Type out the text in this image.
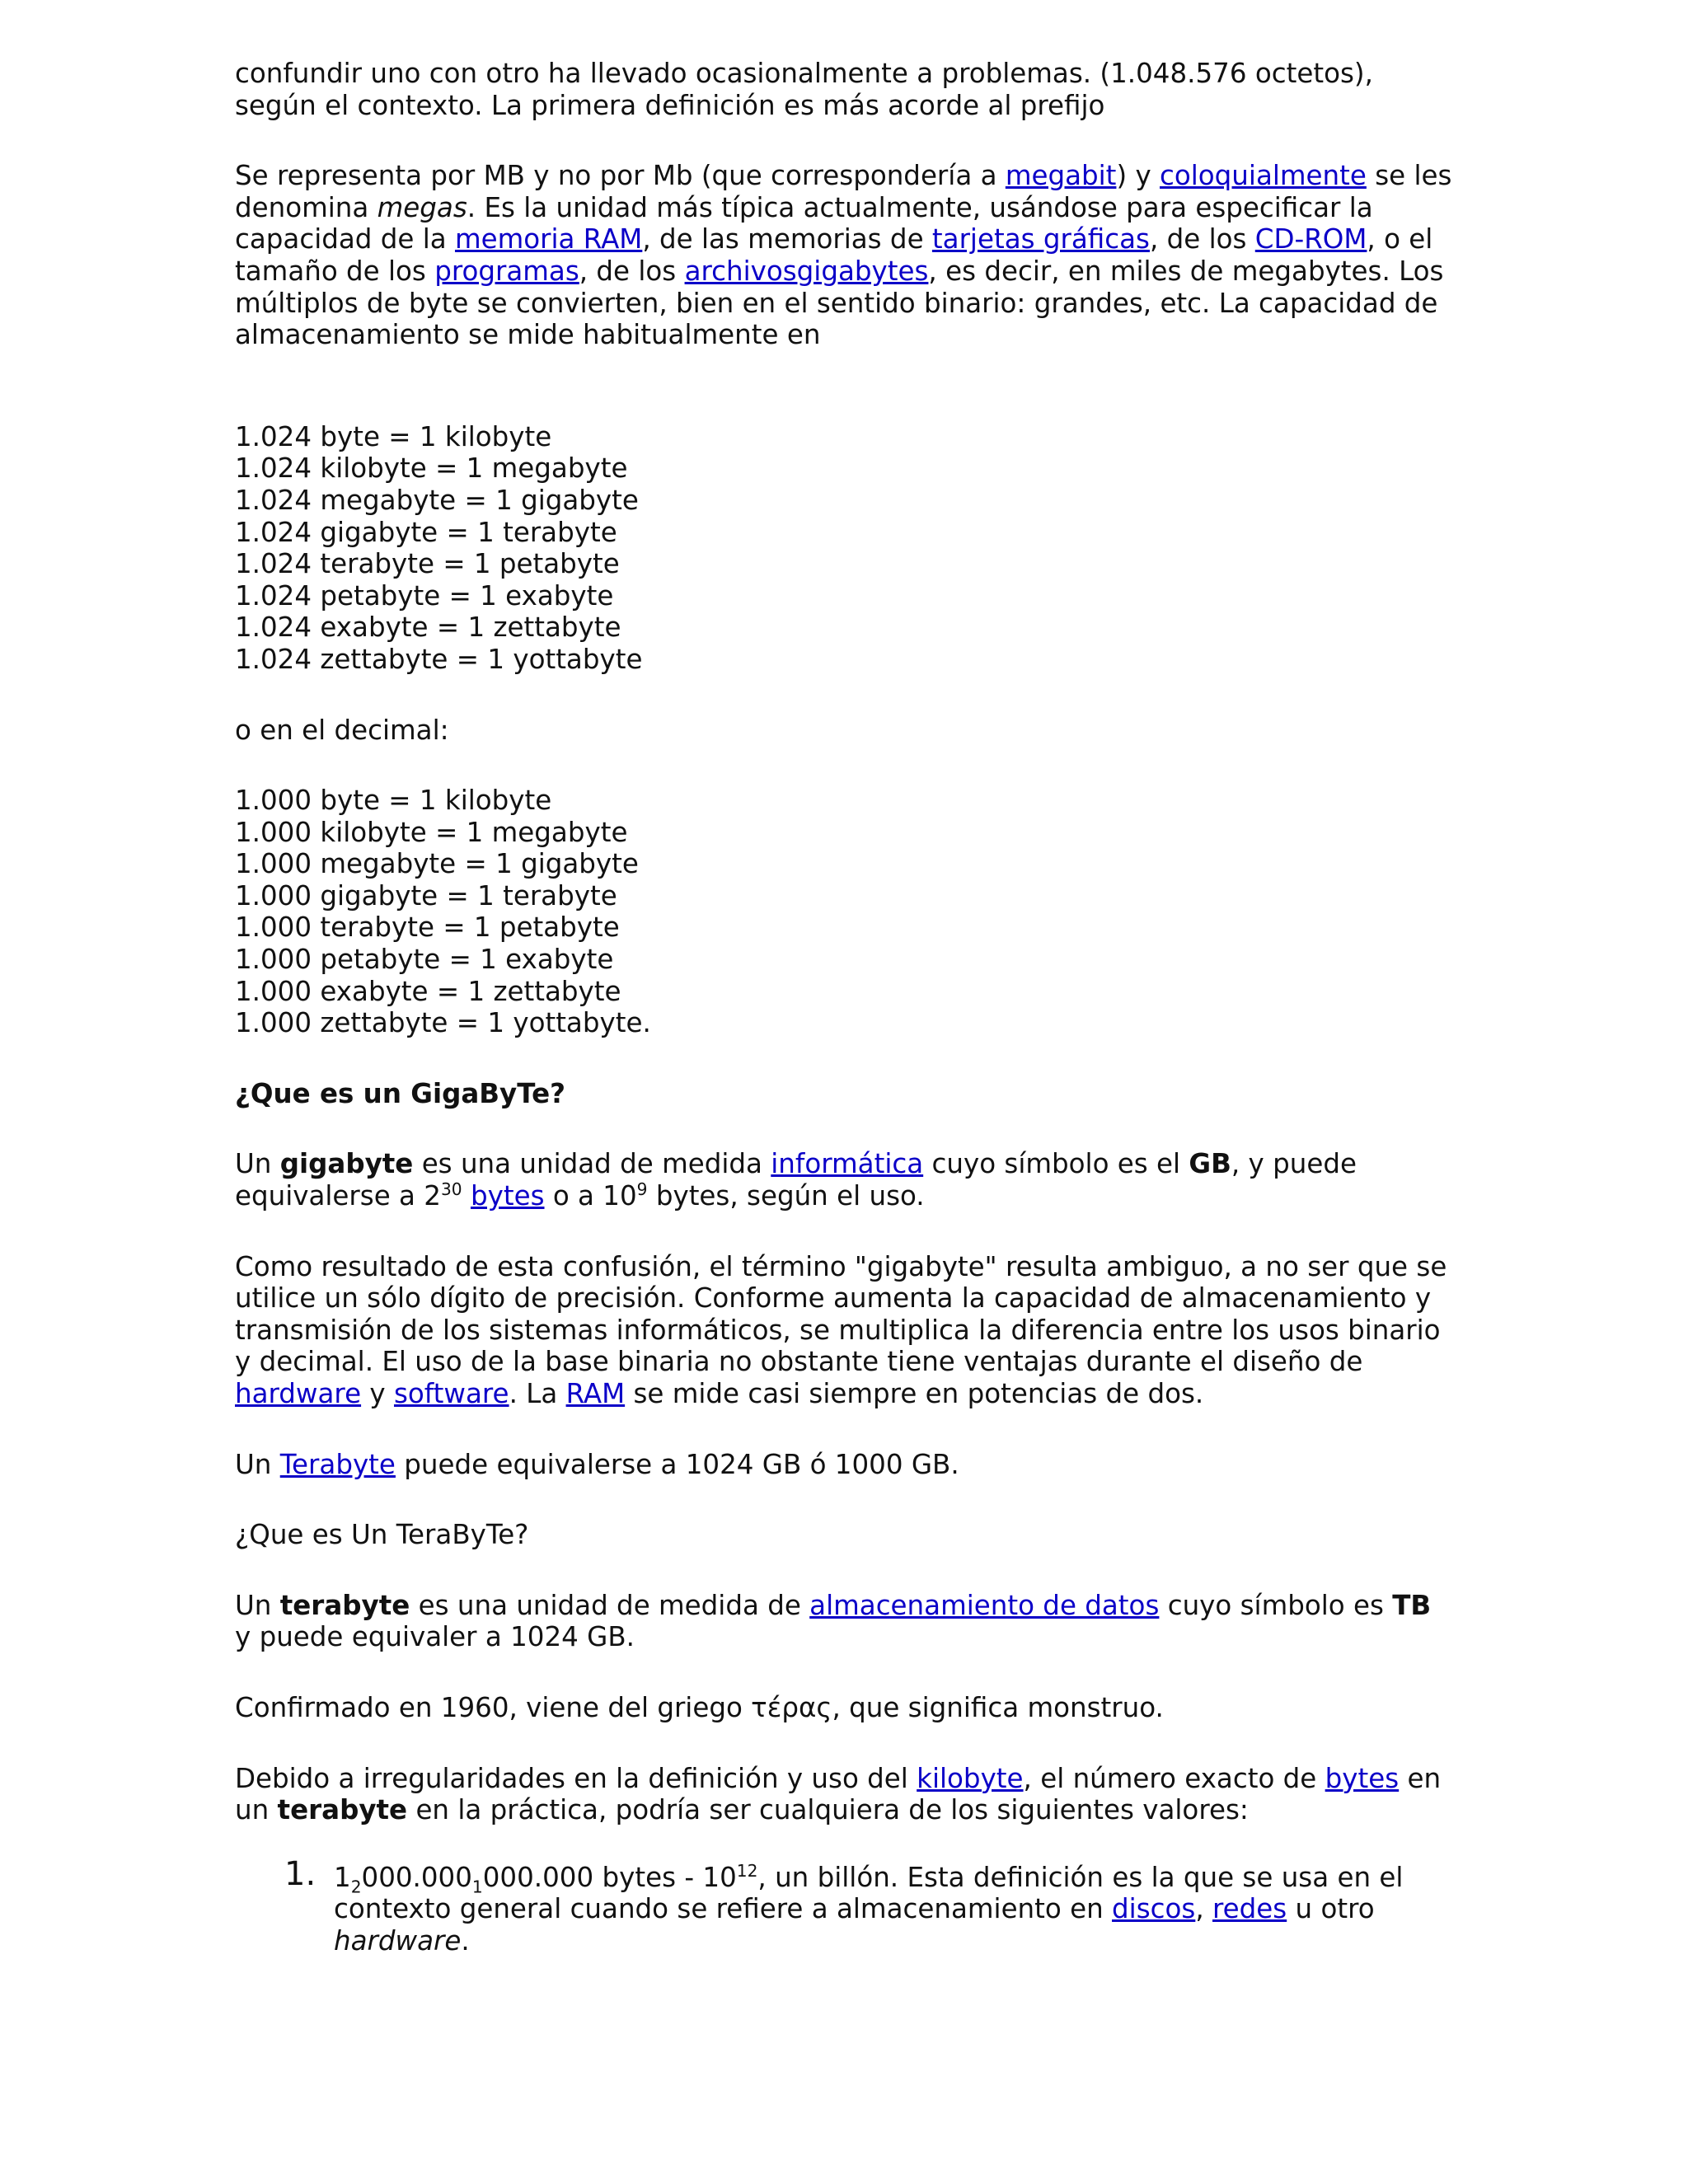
confundir uno con otro ha llevado ocasionalmente a problemas. (1.048.576 octetos), según el contexto. La primera definición es más acorde al prefijo

Se representa por MB y no por Mb (que correspondería a megabit) y coloquialmente se les denomina megas. Es la unidad más típica actualmente, usándose para especificar la capacidad de la memoria RAM, de las memorias de tarjetas gráficas, de los CD-ROM, o el tamaño de los programas, de los archivosgigabytes, es decir, en miles de megabytes. Los múltiplos de byte se convierten, bien en el sentido binario: grandes, etc. La capacidad de almacenamiento se mide habitualmente en

1.024 byte = 1 kilobyte
1.024 kilobyte = 1 megabyte
1.024 megabyte = 1 gigabyte
1.024 gigabyte = 1 terabyte
1.024 terabyte = 1 petabyte
1.024 petabyte = 1 exabyte
1.024 exabyte = 1 zettabyte
1.024 zettabyte = 1 yottabyte

o en el decimal:

1.000 byte = 1 kilobyte
1.000 kilobyte = 1 megabyte
1.000 megabyte = 1 gigabyte
1.000 gigabyte = 1 terabyte
1.000 terabyte = 1 petabyte
1.000 petabyte = 1 exabyte
1.000 exabyte = 1 zettabyte
1.000 zettabyte = 1 yottabyte.

¿Que es un GigaByTe?

Un gigabyte es una unidad de medida informática cuyo símbolo es el GB, y puede equivalerse a $2^{30}$ bytes o a $10^9$ bytes, según el uso.

Como resultado de esta confusión, el término "gigabyte" resulta ambiguo, a no ser que se utilice un sólo dígito de precisión. Conforme aumenta la capacidad de almacenamiento y transmisión de los sistemas informáticos, se multiplica la diferencia entre los usos binario y decimal. El uso de la base binaria no obstante tiene ventajas durante el diseño de hardware y software. La RAM se mide casi siempre en potencias de dos.

Un Terabyte puede equivalerse a 1024 GB ó 1000 GB.

¿Que es Un TeraByTe?

Un terabyte es una unidad de medida de almacenamiento de datos cuyo símbolo es TB y puede equivaler a 1024 GB.

Confirmado en 1960, viene del griego τέρας, que significa monstruo.

Debido a irregularidades en la definición y uso del kilobyte, el número exacto de bytes en un terabyte en la práctica, podría ser cualquiera de los siguientes valores:

1. $1_2000.000_1000.000$ bytes - $10^{12}$, un billón. Esta definición es la que se usa en el contexto general cuando se refiere a almacenamiento en discos, redes u otro hardware.
